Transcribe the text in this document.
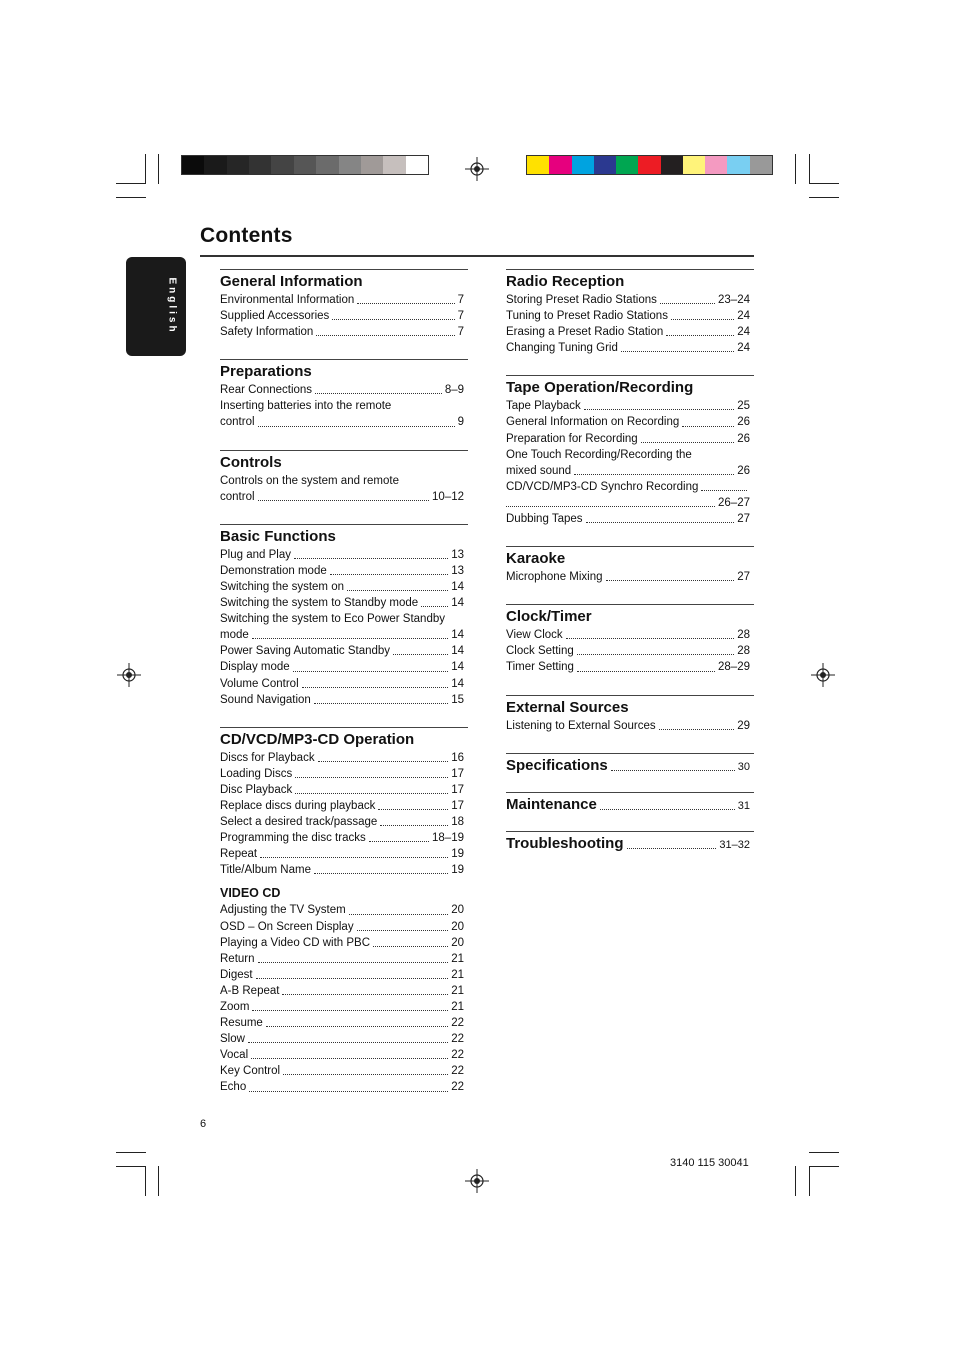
English
Contents
General Information
Environmental Information	7
Supplied Accessories	7
Safety Information	7
Preparations
Rear Connections	8–9
Inserting batteries into the remote
control	9
Controls
Controls on the system and remote
control	10–12
Basic Functions
Plug and Play	13
Demonstration mode	13
Switching the system on	14
Switching the system to Standby mode	14
Switching the system to Eco Power Standby
mode	14
Power Saving Automatic Standby	14
Display mode	14
Volume Control	14
Sound Navigation	15
CD/VCD/MP3-CD Operation
Discs for Playback	16
Loading Discs	17
Disc Playback	17
Replace discs during playback	17
Select a desired track/passage	18
Programming the disc tracks	18–19
Repeat	19
Title/Album Name	19
VIDEO CD
Adjusting the TV System	20
OSD – On Screen Display	20
Playing a Video CD with PBC	20
Return	21
Digest	21
A-B Repeat	21
Zoom	21
Resume	22
Slow	22
Vocal	22
Key Control	22
Echo	22
Radio Reception
Storing Preset Radio Stations	23–24
Tuning to Preset Radio Stations	24
Erasing a Preset Radio Station	24
Changing Tuning Grid	24
Tape Operation/Recording
Tape Playback	25
General Information on Recording	26
Preparation for Recording	26
One Touch Recording/Recording the
mixed sound	26
CD/VCD/MP3-CD Synchro Recording
26–27
Dubbing Tapes	27
Karaoke
Microphone Mixing	27
Clock/Timer
View Clock	28
Clock Setting	28
Timer Setting	28–29
External Sources
Listening to External Sources	29
Specifications	30
Maintenance	31
Troubleshooting	31–32
6
3140 115 30041
